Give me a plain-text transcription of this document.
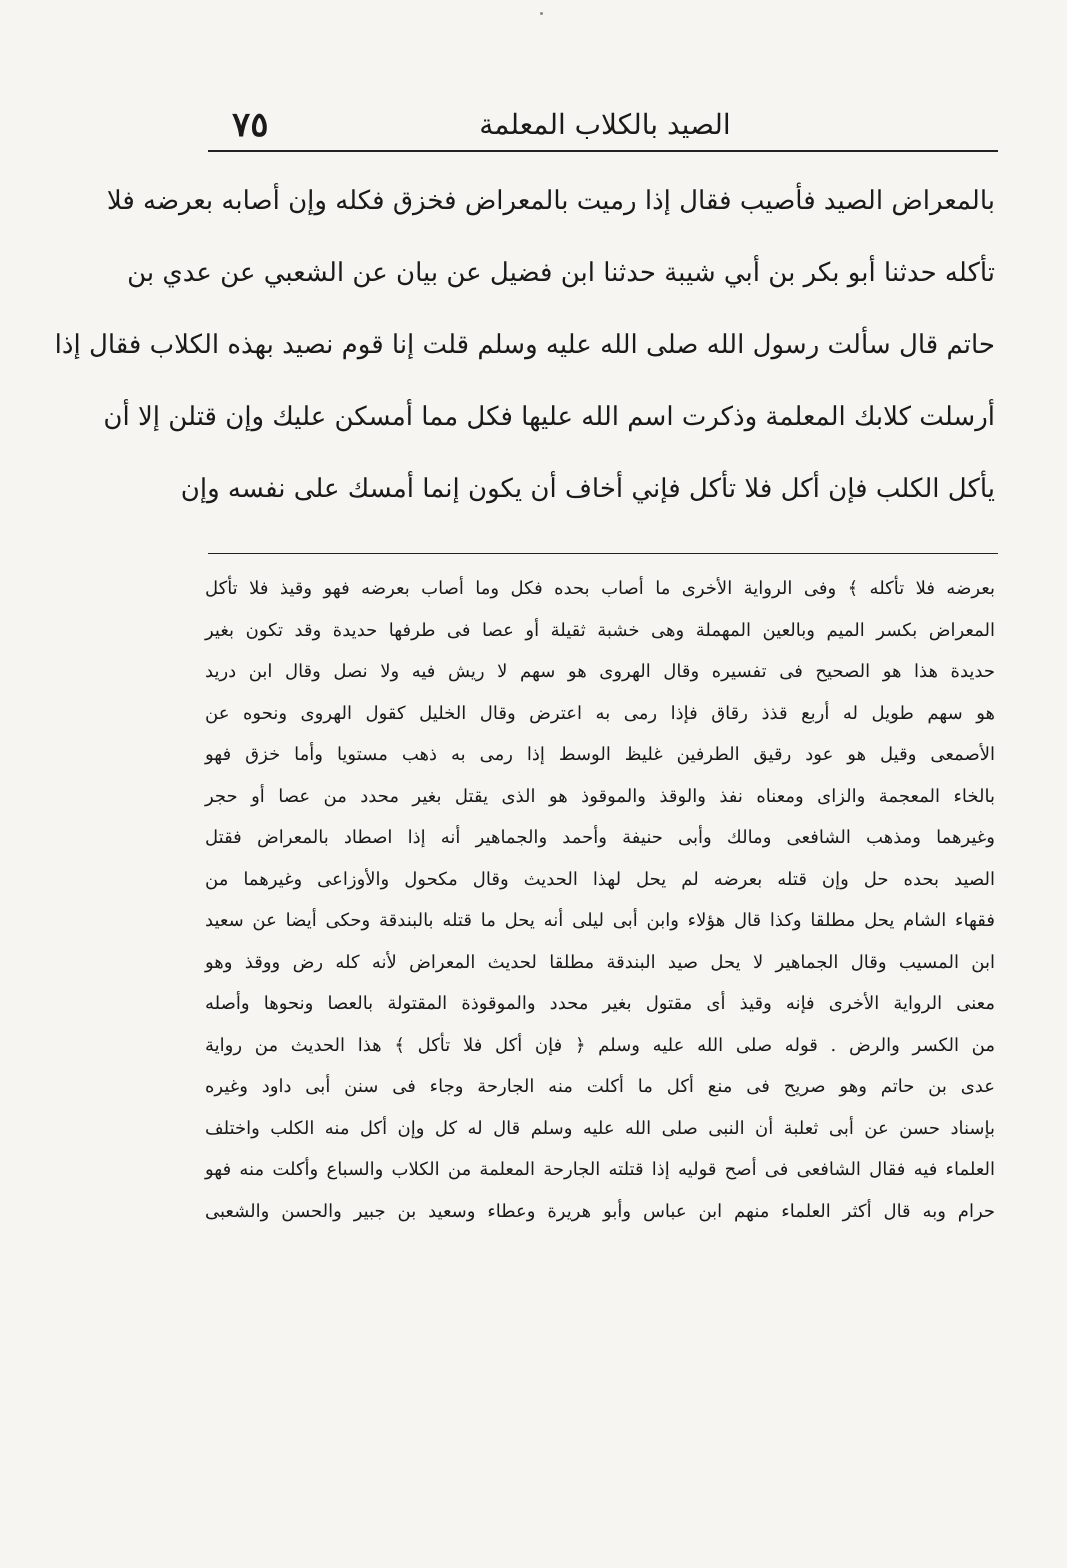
٧٥	الصيد بالكلاب المعلمة
بالمعراض الصيد فأصيب فقال إذا رميت بالمعراض فخزق فكله وإن أصابه بعرضه فلا
تأكله حدثنا أبو بكر بن أبي شيبة حدثنا ابن فضيل عن بيان عن الشعبي عن عدي بن
حاتم قال سألت رسول الله صلى الله عليه وسلم قلت إنا قوم نصيد بهذه الكلاب فقال إذا
أرسلت كلابك المعلمة وذكرت اسم الله عليها فكل مما أمسكن عليك وإن قتلن إلا أن
يأكل الكلب فإن أكل فلا تأكل فإني أخاف أن يكون إنما أمسك على نفسه وإن
بعرضه فلا تأكله ﴾ وفى الرواية الأخرى ما أصاب بحده فكل وما أصاب بعرضه فهو وقيذ فلا تأكل
المعراض بكسر الميم وبالعين المهملة وهى خشبة ثقيلة أو عصا فى طرفها حديدة وقد تكون بغير
حديدة هذا هو الصحيح فى تفسيره وقال الهروى هو سهم لا ريش فيه ولا نصل وقال ابن دريد
هو سهم طويل له أربع قذذ رقاق فإذا رمى به اعترض وقال الخليل كقول الهروى ونحوه عن
الأصمعى وقيل هو عود رقيق الطرفين غليظ الوسط إذا رمى به ذهب مستويا وأما خزق فهو
بالخاء المعجمة والزاى ومعناه نفذ والوقذ والموقوذ هو الذى يقتل بغير محدد من عصا أو حجر
وغيرهما ومذهب الشافعى ومالك وأبى حنيفة وأحمد والجماهير أنه إذا اصطاد بالمعراض فقتل
الصيد بحده حل وإن قتله بعرضه لم يحل لهذا الحديث وقال مكحول والأوزاعى وغيرهما من
فقهاء الشام يحل مطلقا وكذا قال هؤلاء وابن أبى ليلى أنه يحل ما قتله بالبندقة وحكى أيضا عن سعيد
ابن المسيب وقال الجماهير لا يحل صيد البندقة مطلقا لحديث المعراض لأنه كله رض ووقذ وهو
معنى الرواية الأخرى فإنه وقيذ أى مقتول بغير محدد والموقوذة المقتولة بالعصا ونحوها وأصله
من الكسر والرض . قوله صلى الله عليه وسلم ﴿ فإن أكل فلا تأكل ﴾ هذا الحديث من رواية
عدى بن حاتم وهو صريح فى منع أكل ما أكلت منه الجارحة وجاء فى سنن أبى داود وغيره
بإسناد حسن عن أبى ثعلبة أن النبى صلى الله عليه وسلم قال له كل وإن أكل منه الكلب واختلف
العلماء فيه فقال الشافعى فى أصح قوليه إذا قتلته الجارحة المعلمة من الكلاب والسباع وأكلت منه فهو
حرام وبه قال أكثر العلماء منهم ابن عباس وأبو هريرة وعطاء وسعيد بن جبير والحسن والشعبى
